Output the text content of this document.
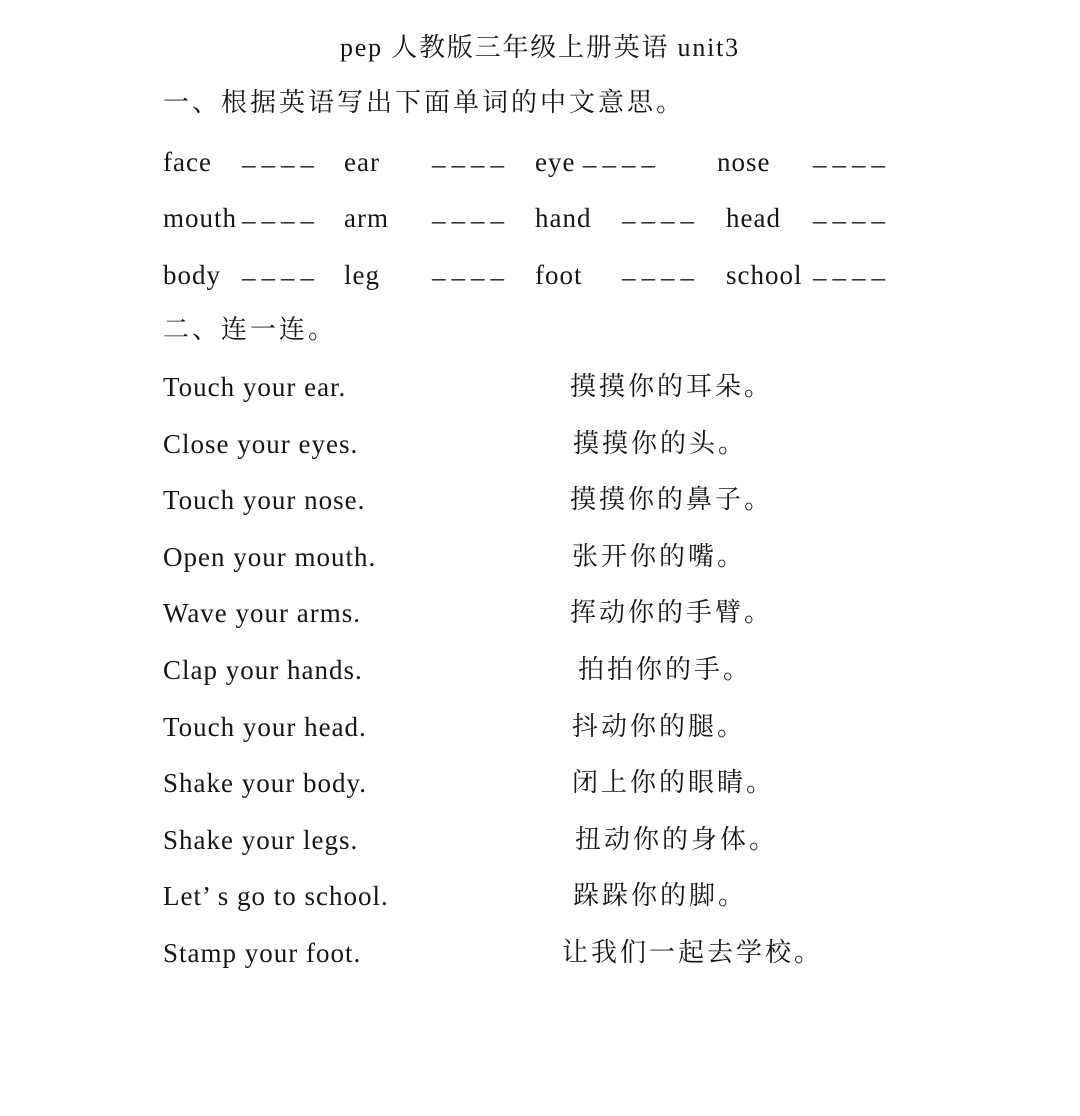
pep 人教版三年级上册英语 unit3
一、根据英语写出下面单词的中文意思。
face ____ ear ____ eye ____ nose ____
mouth ____ arm ____ hand ____ head ____
body ____ leg ____ foot ____ school ____
二、连一连。
Touch your ear.	摸摸你的耳朵。
Close your eyes.	摸摸你的头。
Touch your nose.	摸摸你的鼻子。
Open your mouth.	张开你的嘴。
Wave your arms.	挥动你的手臂。
Clap your hands.	拍拍你的手。
Touch your head.	抖动你的腿。
Shake your body.	闭上你的眼睛。
Shake your legs.	扭动你的身体。
Let’ s go to school.	跺跺你的脚。
Stamp your foot.	让我们一起去学校。
